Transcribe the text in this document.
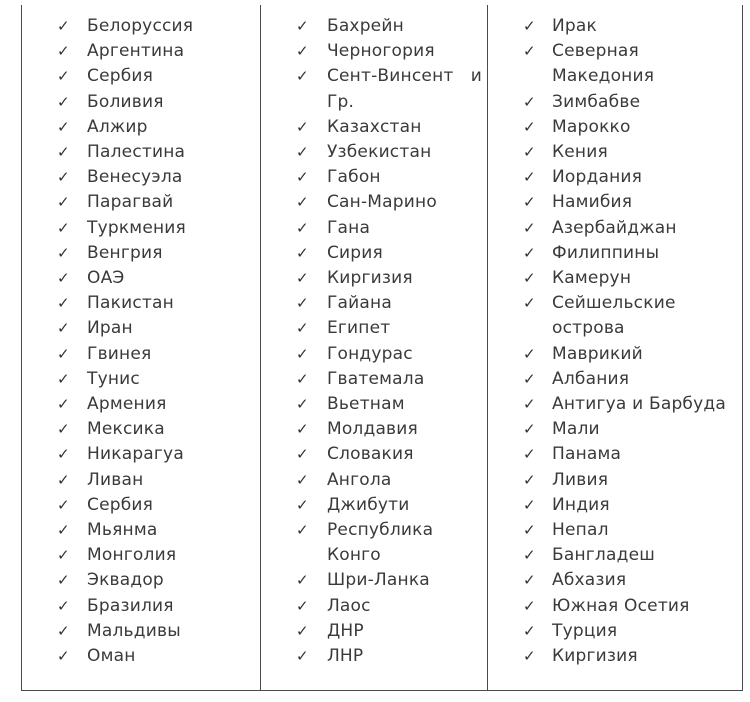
✓	Белоруссия
✓	Аргентина
✓	Сербия
✓	Боливия
✓	Алжир
✓	Палестина
✓	Венесуэла
✓	Парагвай
✓	Туркмения
✓	Венгрия
✓	ОАЭ
✓	Пакистан
✓	Иран
✓	Гвинея
✓	Тунис
✓	Армения
✓	Мексика
✓	Никарагуа
✓	Ливан
✓	Сербия
✓	Мьянма
✓	Монголия
✓	Эквадор
✓	Бразилия
✓	Мальдивы
✓	Оман
✓	Бахрейн
✓	Черногория
✓	Сент-Винсент и
Гр.
✓	Казахстан
✓	Узбекистан
✓	Габон
✓	Сан-Марино
✓	Гана
✓	Сирия
✓	Киргизия
✓	Гайана
✓	Египет
✓	Гондурас
✓	Гватемала
✓	Вьетнам
✓	Молдавия
✓	Словакия
✓	Ангола
✓	Джибути
✓	Республика
Конго
✓	Шри-Ланка
✓	Лаос
✓	ДНР
✓	ЛНР
✓ Ирак
✓ Северная
Македония
✓ Зимбабве
✓ Марокко
✓ Кения
✓ Иордания
✓ Намибия
✓ Азербайджан
✓ Филиппины
✓ Камерун
✓ Сейшельские
острова
✓ Маврикий
✓ Албания
✓ Антигуа и Барбуда
✓ Мали
✓ Панама
✓ Ливия
✓ Индия
✓ Непал
✓ Бангладеш
✓ Абхазия
✓ Южная Осетия
✓ Турция
✓ Киргизия
